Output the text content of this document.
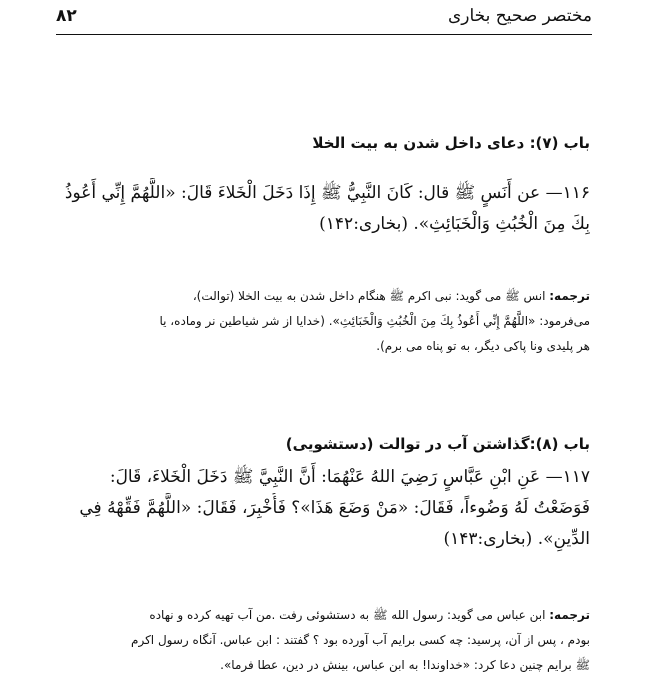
مختصر صحیح بخاری
۸۲
باب (۷): دعای داخل شدن به بیت الخلا
۱۱۶— عن أَنَسٍ ﷺ قال: كَانَ النَّبِيُّ ﷺ إِذَا دَخَلَ الْخَلاءَ قَالَ: «اللَّهُمَّ إِنِّي أَعُوذُ
بِكَ مِنَ الْخُبُثِ وَالْخَبَائِثِ». (بخاری:۱۴۲)
ترجمه: انس ﷺ می گوید: نبی اکرم ﷺ هنگام داخل شدن به بیت الخلا (توالت)،
می‌فرمود: «اللَّهُمَّ إِنِّي أَعُوذُ بِكَ مِنَ الْخُبُثِ وَالْخَبَائِثِ». (خدایا از شر شیاطین نر وماده، یا
هر پلیدی ونا پاکی دیگر، به تو پناه می برم).
باب (۸):گذاشتن آب در توالت (دستشویی)
۱۱۷— عَنِ ابْنِ عَبَّاسٍ رَضِيَ اللهُ عَنْهُمَا: أَنَّ النَّبِيَّ ﷺ دَخَلَ الْخَلاءَ، قَالَ:
فَوَضَعْتُ لَهُ وَضُوءاً، فَقَالَ: «مَنْ وَضَعَ هَذَا»؟ فَأُخْبِرَ، فَقَالَ: «اللَّهُمَّ فَقِّهْهُ فِي
الدِّينِ». (بخاری:۱۴۳)
ترجمه: ابن عباس می گوید: رسول الله ﷺ به دستشوئی رفت .من آب تهیه کرده و نهاده
بودم ، پس از آن، پرسید: چه کسی برایم آب آورده بود ؟ گفتند : ابن عباس. آنگاه رسول اکرم
ﷺ برایم چنین دعا کرد: «خداوندا! به ابن عباس، بینش در دین، عطا فرما».
